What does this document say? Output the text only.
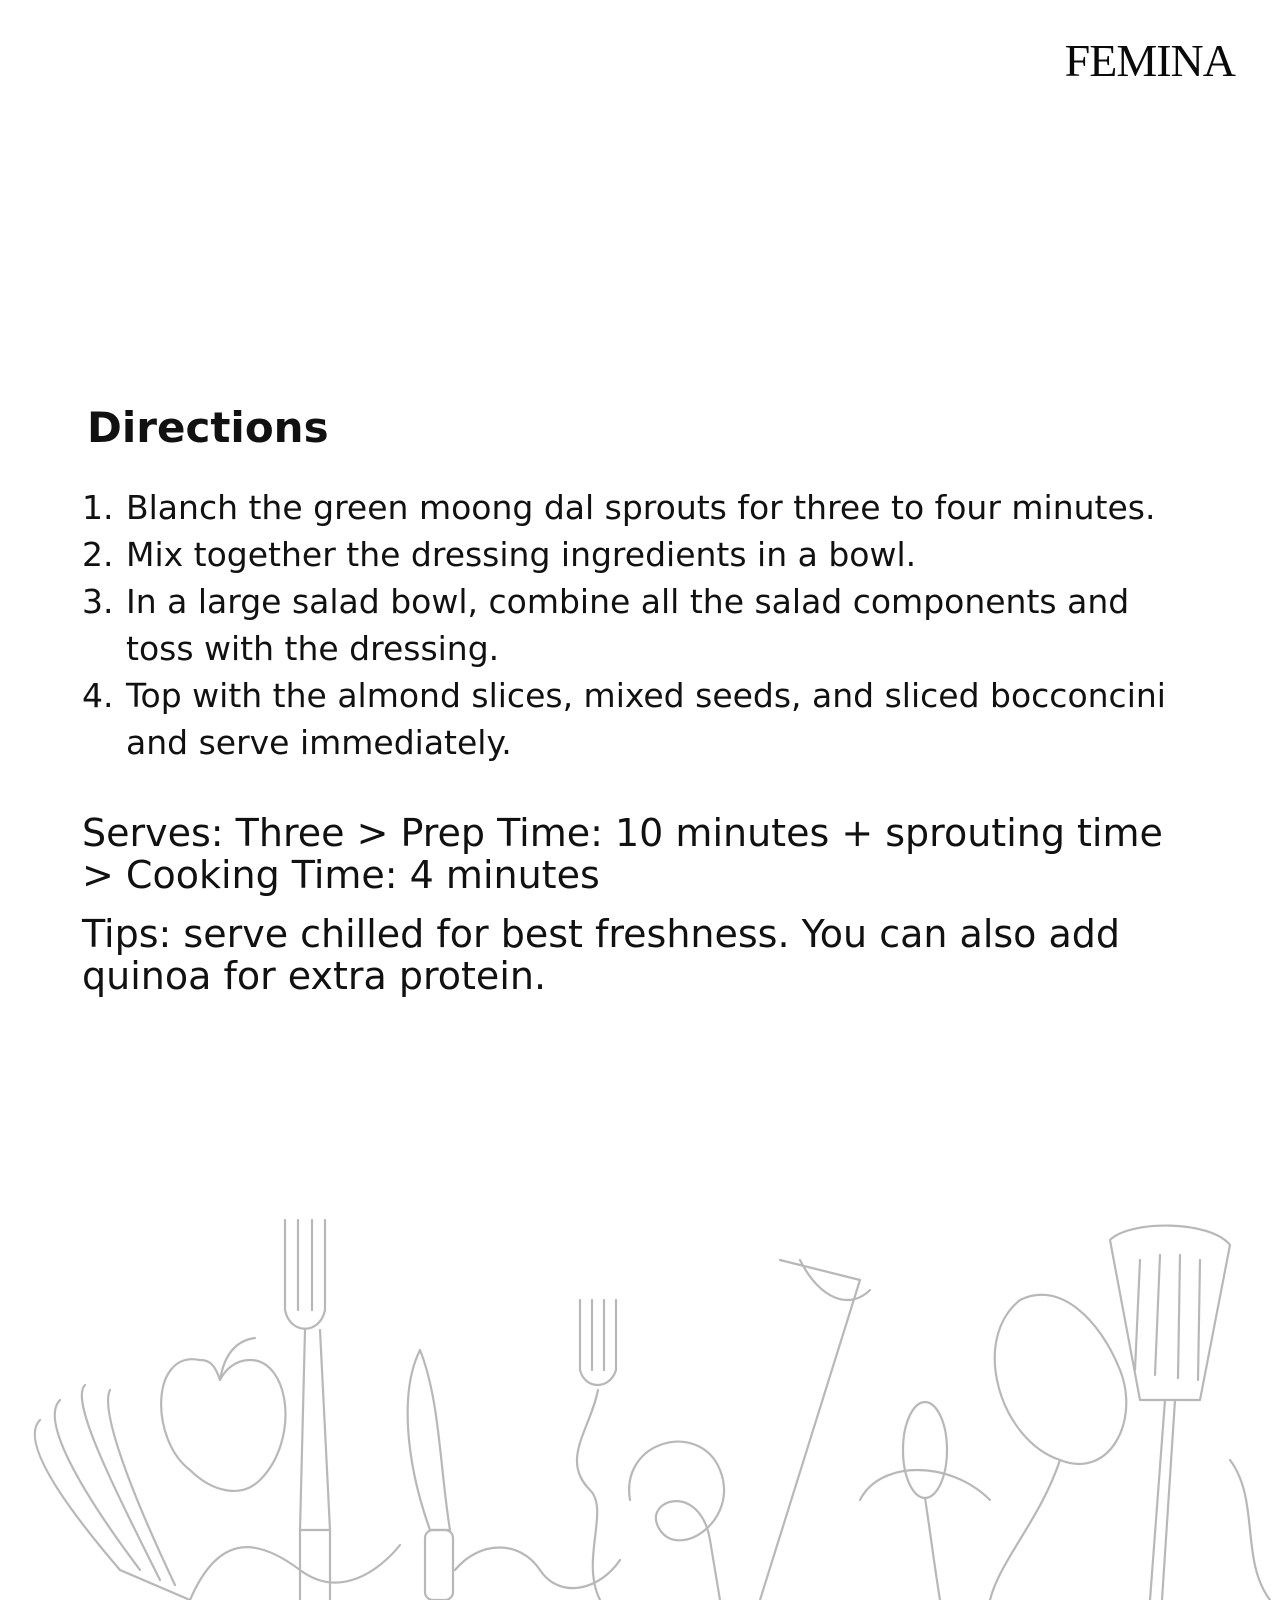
FEMINA
Directions
1. Blanch the green moong dal sprouts for three to four minutes.
2. Mix together the dressing ingredients in a bowl.
3. In a large salad bowl, combine all the salad components and toss with the dressing.
4. Top with the almond slices, mixed seeds, and sliced bocconcini and serve immediately.

Serves: Three > Prep Time: 10 minutes + sprouting time > Cooking Time: 4 minutes

Tips: serve chilled for best freshness. You can also add quinoa for extra protein.
